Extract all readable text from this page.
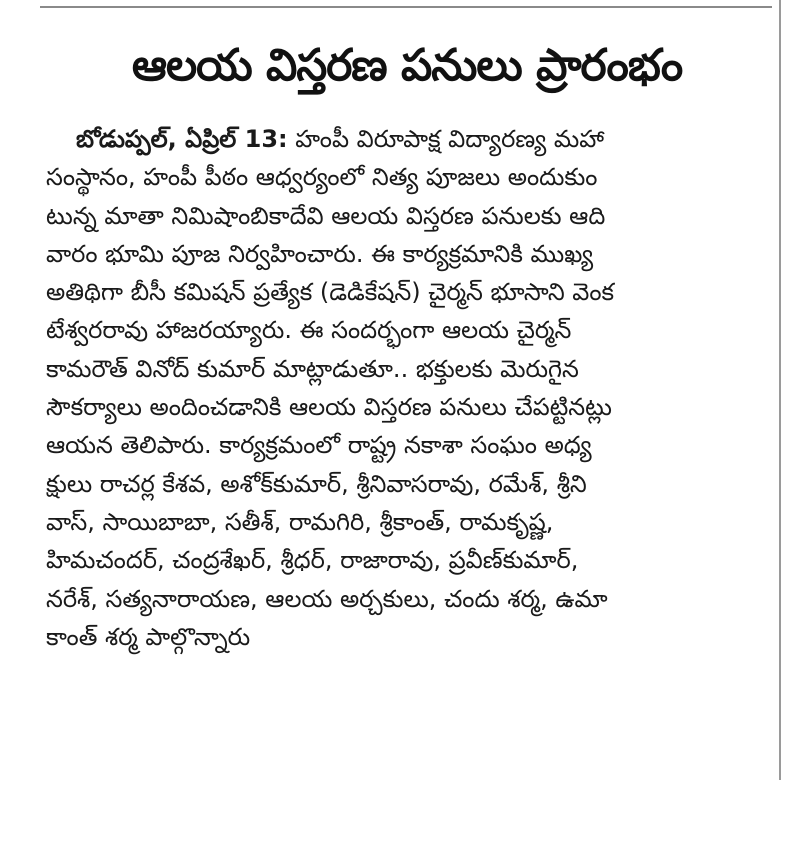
ఆలయ విస్తరణ పనులు ప్రారంభం
బోడుప్పల్, ఏప్రిల్ 13: హంపీ విరూపాక్ష విద్యారణ్య మహా
సంస్థానం, హంపీ పీఠం ఆధ్వర్యంలో నిత్య పూజలు అందుకుం
టున్న మాతా నిమిషాంబికాదేవి ఆలయ విస్తరణ పనులకు ఆది
వారం భూమి పూజ నిర్వహించారు. ఈ కార్యక్రమానికి ముఖ్య
అతిథిగా బీసీ కమిషన్ ప్రత్యేక (డెడికేషన్) చైర్మన్ భూసాని వెంక
టేశ్వరరావు హాజరయ్యారు. ఈ సందర్భంగా ఆలయ చైర్మన్
కామరౌత్ వినోద్ కుమార్ మాట్లాడుతూ.. భక్తులకు మెరుగైన
సౌకర్యాలు అందించడానికి ఆలయ విస్తరణ పనులు చేపట్టినట్లు
ఆయన తెలిపారు. కార్యక్రమంలో రాష్ట్ర నకాశా సంఘం అధ్య
క్షులు రాచర్ల కేశవ, అశోక్‌కుమార్, శ్రీనివాసరావు, రమేశ్, శ్రీని
వాస్, సాయిబాబా, సతీశ్, రామగిరి, శ్రీకాంత్, రామకృష్ణ,
హిమచందర్, చంద్రశేఖర్, శ్రీధర్, రాజారావు, ప్రవీణ్‌కుమార్,
నరేశ్, సత్యనారాయణ, ఆలయ అర్చకులు, చందు శర్మ, ఉమా
కాంత్ శర్మ పాల్గొన్నారు
